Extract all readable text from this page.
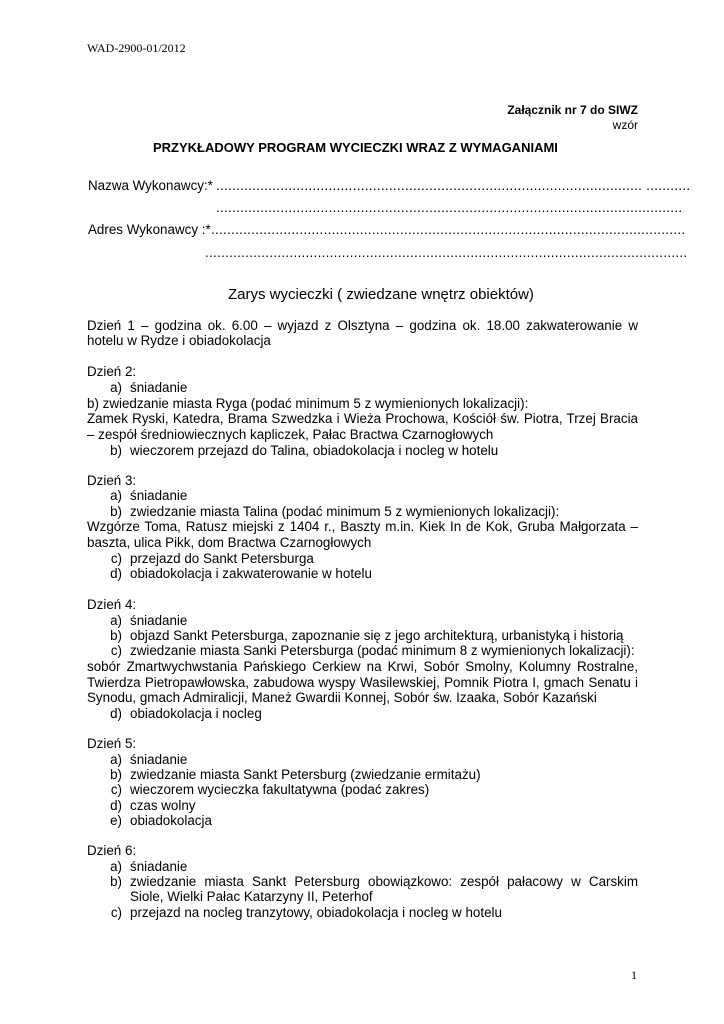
WAD-2900-01/2012
Załącznik nr 7 do SIWZ
wzór
PRZYKŁADOWY PROGRAM WYCIECZKI WRAZ Z WYMAGANIAMI
Nazwa Wykonawcy:* .......................................................................................................... ...........
....................................................................................................................
Adres Wykonawcy :* ......................................................................................................................
........................................................................................................................
Zarys wycieczki ( zwiedzane wnętrz obiektów)
Dzień 1 – godzina ok. 6.00 – wyjazd z Olsztyna – godzina ok. 18.00 zakwaterowanie w
hotelu w Rydze i obiadokolacja
Dzień 2:
a) śniadanie
b) zwiedzanie miasta Ryga (podać minimum 5 z wymienionych lokalizacji):
Zamek Ryski, Katedra, Brama Szwedzka i Wieża Prochowa, Kościół św. Piotra, Trzej Bracia
– zespół średniowiecznych kapliczek, Pałac Bractwa Czarnogłowych
b) wieczorem przejazd do Talina, obiadokolacja i nocleg w hotelu
Dzień 3:
a) śniadanie
b) zwiedzanie miasta Talina (podać minimum 5 z wymienionych lokalizacji):
Wzgórze Toma, Ratusz miejski z 1404 r., Baszty m.in. Kiek In de Kok, Gruba Małgorzata –
baszta, ulica Pikk, dom Bractwa Czarnogłowych
c) przejazd do Sankt Petersburga
d) obiadokolacja i zakwaterowanie w hotelu
Dzień 4:
a) śniadanie
b) objazd Sankt Petersburga, zapoznanie się z jego architekturą, urbanistyką i historią
c) zwiedzanie miasta Sanki Petersburga (podać minimum 8 z wymienionych lokalizacji):
sobór Zmartwychwstania Pańskiego Cerkiew na Krwi, Sobór Smolny, Kolumny Rostralne,
Twierdza Pietropawłowska, zabudowa wyspy Wasilewskiej, Pomnik Piotra I, gmach Senatu i
Synodu, gmach Admiralicji, Maneż Gwardii Konnej, Sobór św. Izaaka, Sobór Kazański
d) obiadokolacja i nocleg
Dzień 5:
a) śniadanie
b) zwiedzanie miasta Sankt Petersburg (zwiedzanie ermitażu)
c) wieczorem wycieczka fakultatywna (podać zakres)
d) czas wolny
e) obiadokolacja
Dzień 6:
a) śniadanie
b) zwiedzanie miasta Sankt Petersburg obowiązkowo: zespół pałacowy w Carskim
Siole, Wielki Pałac Katarzyny II, Peterhof
c) przejazd na nocleg tranzytowy, obiadokolacja i nocleg w hotelu
1
